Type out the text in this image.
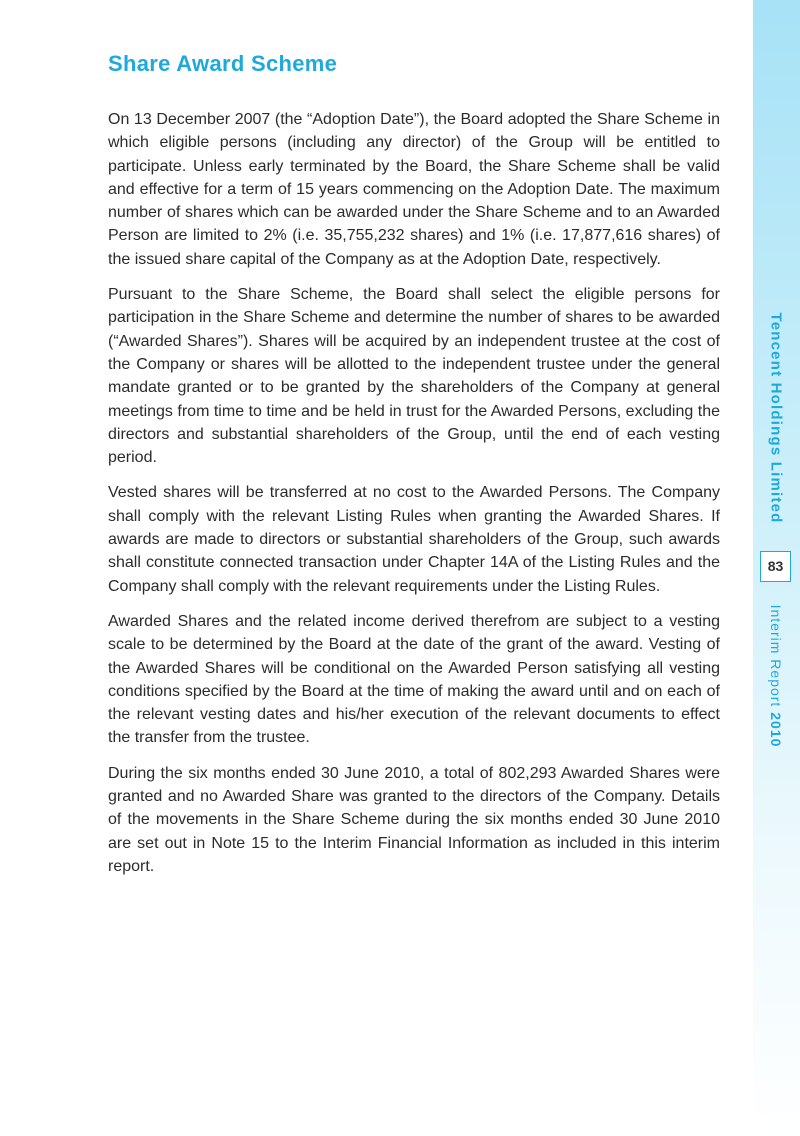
Tencent Holdings Limited
83
Interim Report 2010
Share Award Scheme

On 13 December 2007 (the “Adoption Date”), the Board adopted the Share Scheme in which eligible persons (including any director) of the Group will be entitled to participate. Unless early terminated by the Board, the Share Scheme shall be valid and effective for a term of 15 years commencing on the Adoption Date. The maximum number of shares which can be awarded under the Share Scheme and to an Awarded Person are limited to 2% (i.e. 35,755,232 shares) and 1% (i.e. 17,877,616 shares) of the issued share capital of the Company as at the Adoption Date, respectively.

Pursuant to the Share Scheme, the Board shall select the eligible persons for participation in the Share Scheme and determine the number of shares to be awarded (“Awarded Shares”). Shares will be acquired by an independent trustee at the cost of the Company or shares will be allotted to the independent trustee under the general mandate granted or to be granted by the shareholders of the Company at general meetings from time to time and be held in trust for the Awarded Persons, excluding the directors and substantial shareholders of the Group, until the end of each vesting period.

Vested shares will be transferred at no cost to the Awarded Persons. The Company shall comply with the relevant Listing Rules when granting the Awarded Shares. If awards are made to directors or substantial shareholders of the Group, such awards shall constitute connected transaction under Chapter 14A of the Listing Rules and the Company shall comply with the relevant requirements under the Listing Rules.

Awarded Shares and the related income derived therefrom are subject to a vesting scale to be determined by the Board at the date of the grant of the award. Vesting of the Awarded Shares will be conditional on the Awarded Person satisfying all vesting conditions specified by the Board at the time of making the award until and on each of the relevant vesting dates and his/her execution of the relevant documents to effect the transfer from the trustee.

During the six months ended 30 June 2010, a total of 802,293 Awarded Shares were granted and no Awarded Share was granted to the directors of the Company. Details of the movements in the Share Scheme during the six months ended 30 June 2010 are set out in Note 15 to the Interim Financial Information as included in this interim report.
